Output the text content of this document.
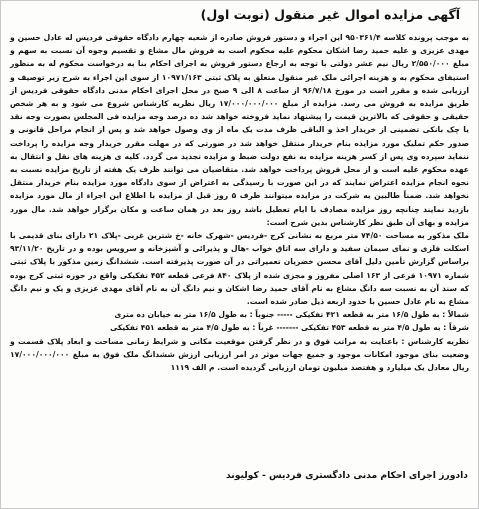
آگهی مزایده اموال غیر منقول (نوبت اول)

به موجب پرونده کلاسه ۹۵۰۳۶۱/۴ این اجراء و دستور فروش صادره از شعبه چهارم دادگاه حقوقی فردیس له عادل حسین و مهدی عزیزی و علیه حمید رضا اشکان محکوم علیه محکوم است به فروش مال مشاع و تقسیم وجوه آن نسبت به سهم و مبلغ ۲/۵۵۰/۰۰۰ ریال نیم عشر دولتی با توجه به ارجاع دستور فروش به اجرای احکام بنا به درخواست محکوم له به منظور استیفای محکوم به و هزینه اجرائی ملک غیر منقول متعلق به پلاک ثبتی ۱۰۹۷۱/۱۶۳ از سوی این اجراء به شرح زیر توصیف و ارزیابی شده و مقرر است در مورخ ۹۶/۷/۱۸ از ساعت ۸ الی ۹ صبح در محل اجرای احکام مدنی دادگاه حقوقی فردیس از طریق مزایده به فروش می رسد. مزایده از مبلغ ۱۷/۰۰۰/۰۰۰/۰۰۰ ریال نظریه کارشناس شروع می شود و به هر شخص حقیقی و حقوقی که بالاترین قیمت را پیشنهاد نماید فروخته خواهد شد ده درصد وجه مزایده فی المجلس بصورت وجه نقد یا چک بانکی تضمینی از خریدار اخذ و الباقی ظرف مدت یک ماه از وی وصول خواهد شد و پس از انجام مراحل قانونی و صدور حکم تملیک مورد مزایده بنام خریدار منتقل خواهد شد در صورتی که در مهلت مقرر خریدار وجه مزایده را پرداخت ننماید سپرده وی پس از کسر هزینه مزایده به نفع دولت ضبط و مزایده تجدید می گردد. کلیه ی هزینه های نقل و انتقال به عهده محکوم علیه است و از محل فروش پرداخت خواهد شد. متقاضیان می توانند ظرف یک هفته از تاریخ مزایده نسبت به نحوه انجام مزایده اعتراض نمایند که در این صورت با رسیدگی به اعتراض از سوی دادگاه مورد مزایده بنام خریدار منتقل نخواهد شد. ضمناً طالبین به شرکت در مزایده میتوانند ظرف ۵ روز قبل از مزایده با اطلاع این اجراء از مال مورد مزایده بازدید نمایند چنانچه روز مزایده مصادف با ایام تعطیل باشد روز بعد در همان ساعت و مکان برگزار خواهد شد. مال مورد مزایده و بهای آن طبق نظر کارشناس بدین شرح است:

ملک مذکور به مساحت ۷۴/۵۰ متر مربع به نشانی کرج -فردیس -شهرک خانه -خ شترین غربی -پلاک ۲۱ دارای بنای قدیمی با اسکلت فلزی و نمای سیمان سفید و دارای سه اتاق خواب -هال و پذیرائی و آشپزخانه و سرویس بوده و در تاریخ ۹۳/۱۱/۲۰ براساس گزارش تأمین دلیل آقای محسن خضریان تعمیراتی در آن صورت پذیرفته است. ششدانگ زمین مذکور با پلاک ثبتی شماره ۱۰۹۷۱ فرعی از ۱۶۳ اصلی مفروز و مجزی شده از پلاک ۸۴۰ فرعی قطعه ۴۵۲ تفکیکی واقع در حوزه ثبتی کرج بوده که سند آن به نسبت سه دانگ مشاع به نام آقای حمید رضا اشکان و نیم دانگ آن به نام آقای مهدی عزیزی و یک و نیم دانگ مشاع به نام عادل حسین با حدود اربعه ذیل صادر شده است.

شمالاً : به طول ۱۶/۵ متر به قطعه ۴۲۱ تفکیکی ----- جنوباً : به طول ۱۶/۵ متر به خیابان ده متری

شرقاً : به طول ۴/۵ متر به قطعه ۴۵۳ تفکیکی ------- غرباً : به طول ۴/۵ متر به قطعه ۴۵۱ تفکیکی

نظریه کارشناس : باعنایت به مراتب فوق و در نظر گرفتن موقعیت مکانی و شرایط زمانی مساحت و ابعاد پلاک قسمت و وضعیت بنای موجود امکانات موجود و جمیع جهات موثر در امر ارزیابی ارزش ششدانگ ملک فوق به مبلغ ۱۷/۰۰۰/۰۰۰/۰۰۰ ریال معادل یک میلیارد و هفتصد میلیون تومان ارزیابی گردیده است. م الف ۱۱۱۹

دادورز اجرای احکام مدنی دادگستری فردیس - کولیوند
